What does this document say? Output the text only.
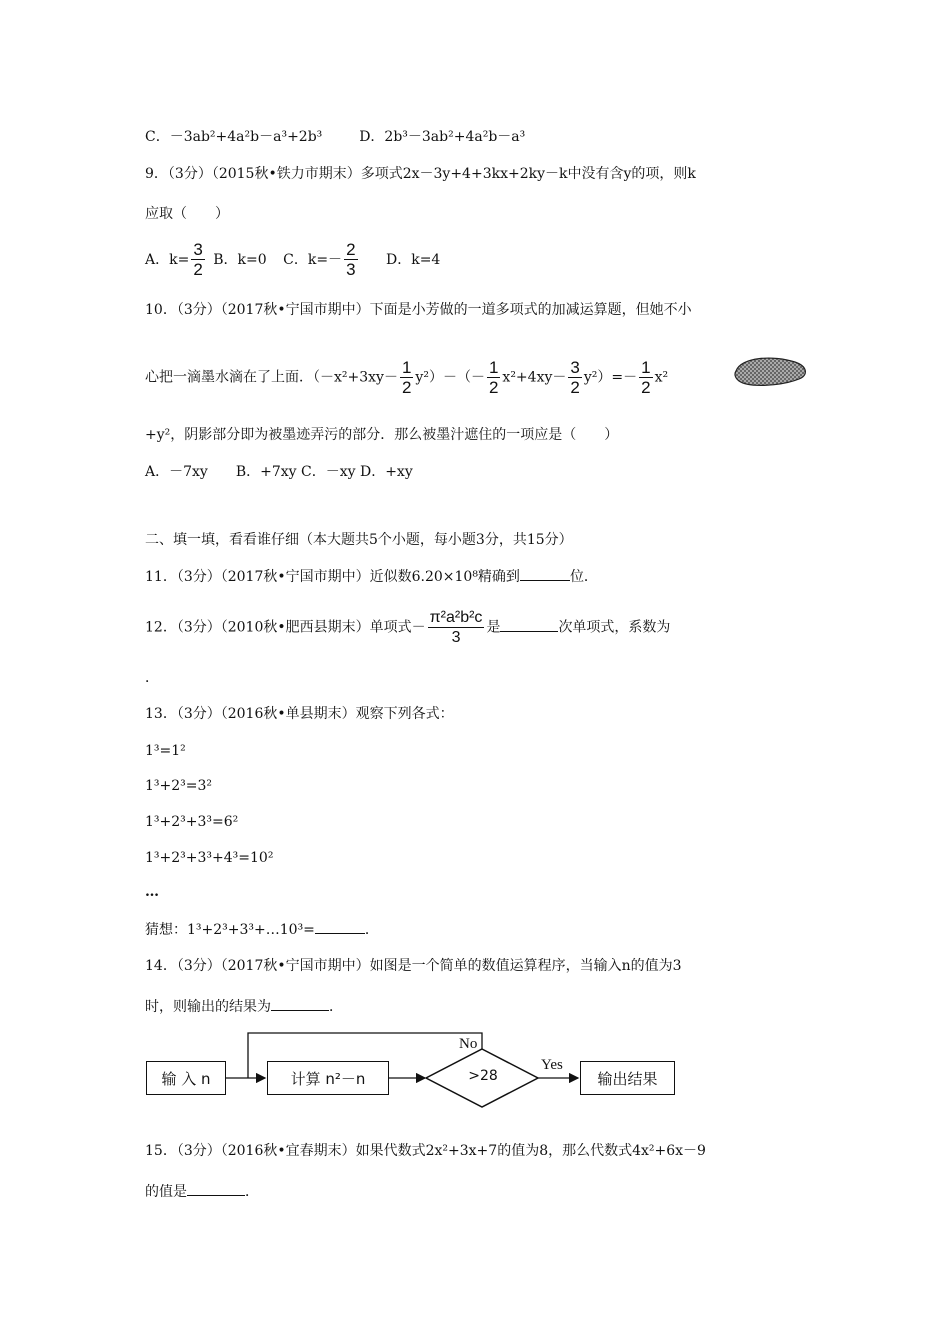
C．－3ab²+4a²b－a³+2b³	D．2b³－3ab²+4a²b－a³
9．（3分）（2015秋•铁力市期末）多项式2x－3y+4+3kx+2ky－k中没有含y的项，则k
应取（　　）
A．$k= \frac{3}{2}$ B．k=0 C．$k=- \frac{2}{3}$ D．k=4
10．（3分）（2017秋•宁国市期中）下面是小芳做的一道多项式的加减运算题，但她不小
心把一滴墨水滴在了上面．$(-x^2+3xy- \frac{1}{2} y^2)-(- \frac{1}{2} x^2+4xy- \frac{3}{2} y^2)=- \frac{1}{2} x^2$
+y²，阴影部分即为被墨迹弄污的部分．那么被墨汁遮住的一项应是（　　）
A．－7xy　　B．+7xy C．－xy D．+xy
二、填一填，看看谁仔细（本大题共5个小题，每小题3分，共15分）
11．（3分）（2017秋•宁国市期中）近似数6.20×10⁸精确到	位．
12．（3分）（2010秋•肥西县期末）单项式－ $\frac{\text{π²a²b²c}}{3}$ 是	次单项式，系数为
．
13．（3分）（2016秋•单县期末）观察下列各式：
1³=1²
1³+2³=3²
1³+2³+3³=6²
1³+2³+3³+4³=10²
…
猜想：1³+2³+3³+…10³=	．
14．（3分）（2017秋•宁国市期中）如图是一个简单的数值运算程序，当输入n的值为3
时，则输出的结果为	．
输 入 n	计算 n²－n	>28
No
Yes
输出结果
15．（3分）（2016秋•宜春期末）如果代数式2x²+3x+7的值为8，那么代数式4x²+6x－9
的值是	．
